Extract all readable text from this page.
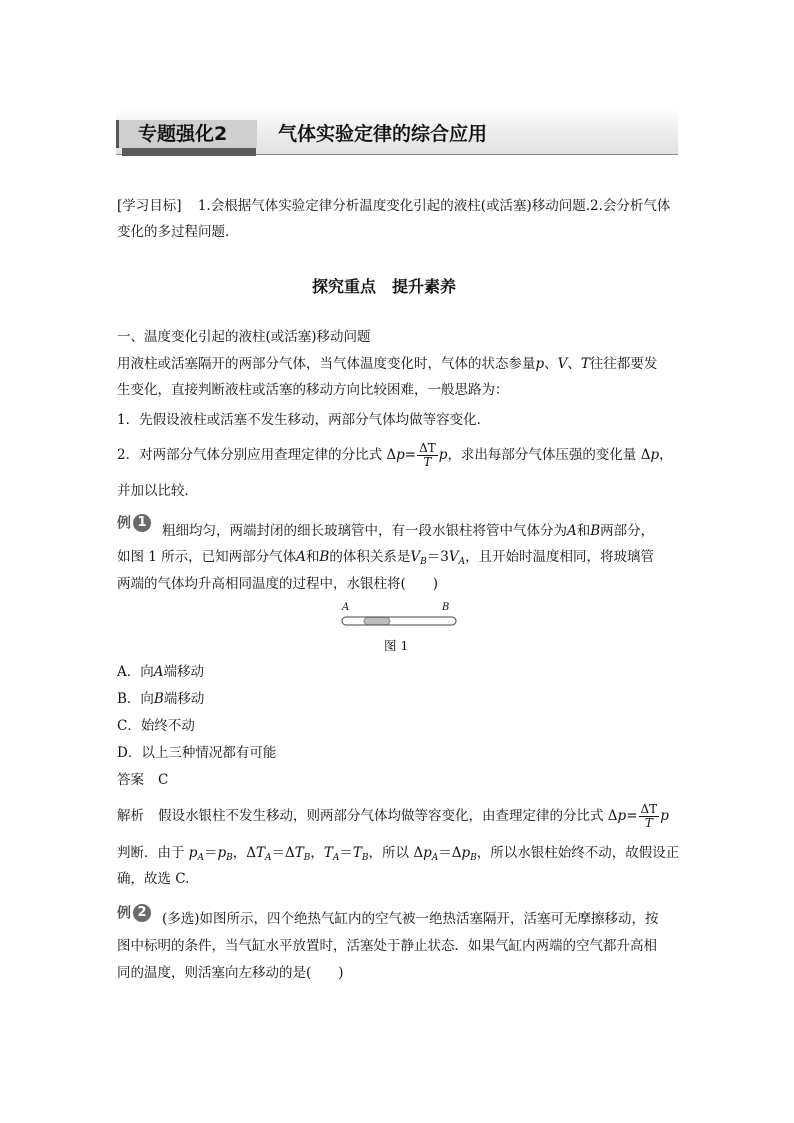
专题强化2	气体实验定律的综合应用
[学习目标] 1.会根据气体实验定律分析温度变化引起的液柱(或活塞)移动问题.2.会分析气体
变化的多过程问题．
探究重点　提升素养
一、温度变化引起的液柱(或活塞)移动问题
用液柱或活塞隔开的两部分气体，当气体温度变化时，气体的状态参量p、V、T往往都要发
生变化，直接判断液柱或活塞的移动方向比较困难，一般思路为：
1．先假设液柱或活塞不发生移动，两部分气体均做等容变化．
2．对两部分气体分别应用查理定律的分比式 $\Delta p= \frac{\Delta T}{T}$ p，求出每部分气体压强的变化量 Δp，
并加以比较．
例 1
粗细均匀，两端封闭的细长玻璃管中，有一段水银柱将管中气体分为A和B两部分，
如图 1 所示，已知两部分气体A和B的体积关系是$V_B=3V_A$，且开始时温度相同，将玻璃管
两端的气体均升高相同温度的过程中，水银柱将(　　)
A	B
图 1
A．向A端移动
B．向B端移动
C．始终不动
D．以上三种情况都有可能
答案 C
解析 假设水银柱不发生移动，则两部分气体均做等容变化，由查理定律的分比式 $\Delta p= \frac{\Delta T}{T}$ p
判断．由于 $p_A=p_B$，$\Delta T_A=\Delta T_B$，$T_A=T_B$，所以 $\Delta p_A=\Delta p_B$，所以水银柱始终不动，故假设正
确，故选 C.
例 2	(多选)如图所示，四个绝热气缸内的空气被一绝热活塞隔开，活塞可无摩擦移动，按
图中标明的条件，当气缸水平放置时，活塞处于静止状态．如果气缸内两端的空气都升高相
同的温度，则活塞向左移动的是(　　)
